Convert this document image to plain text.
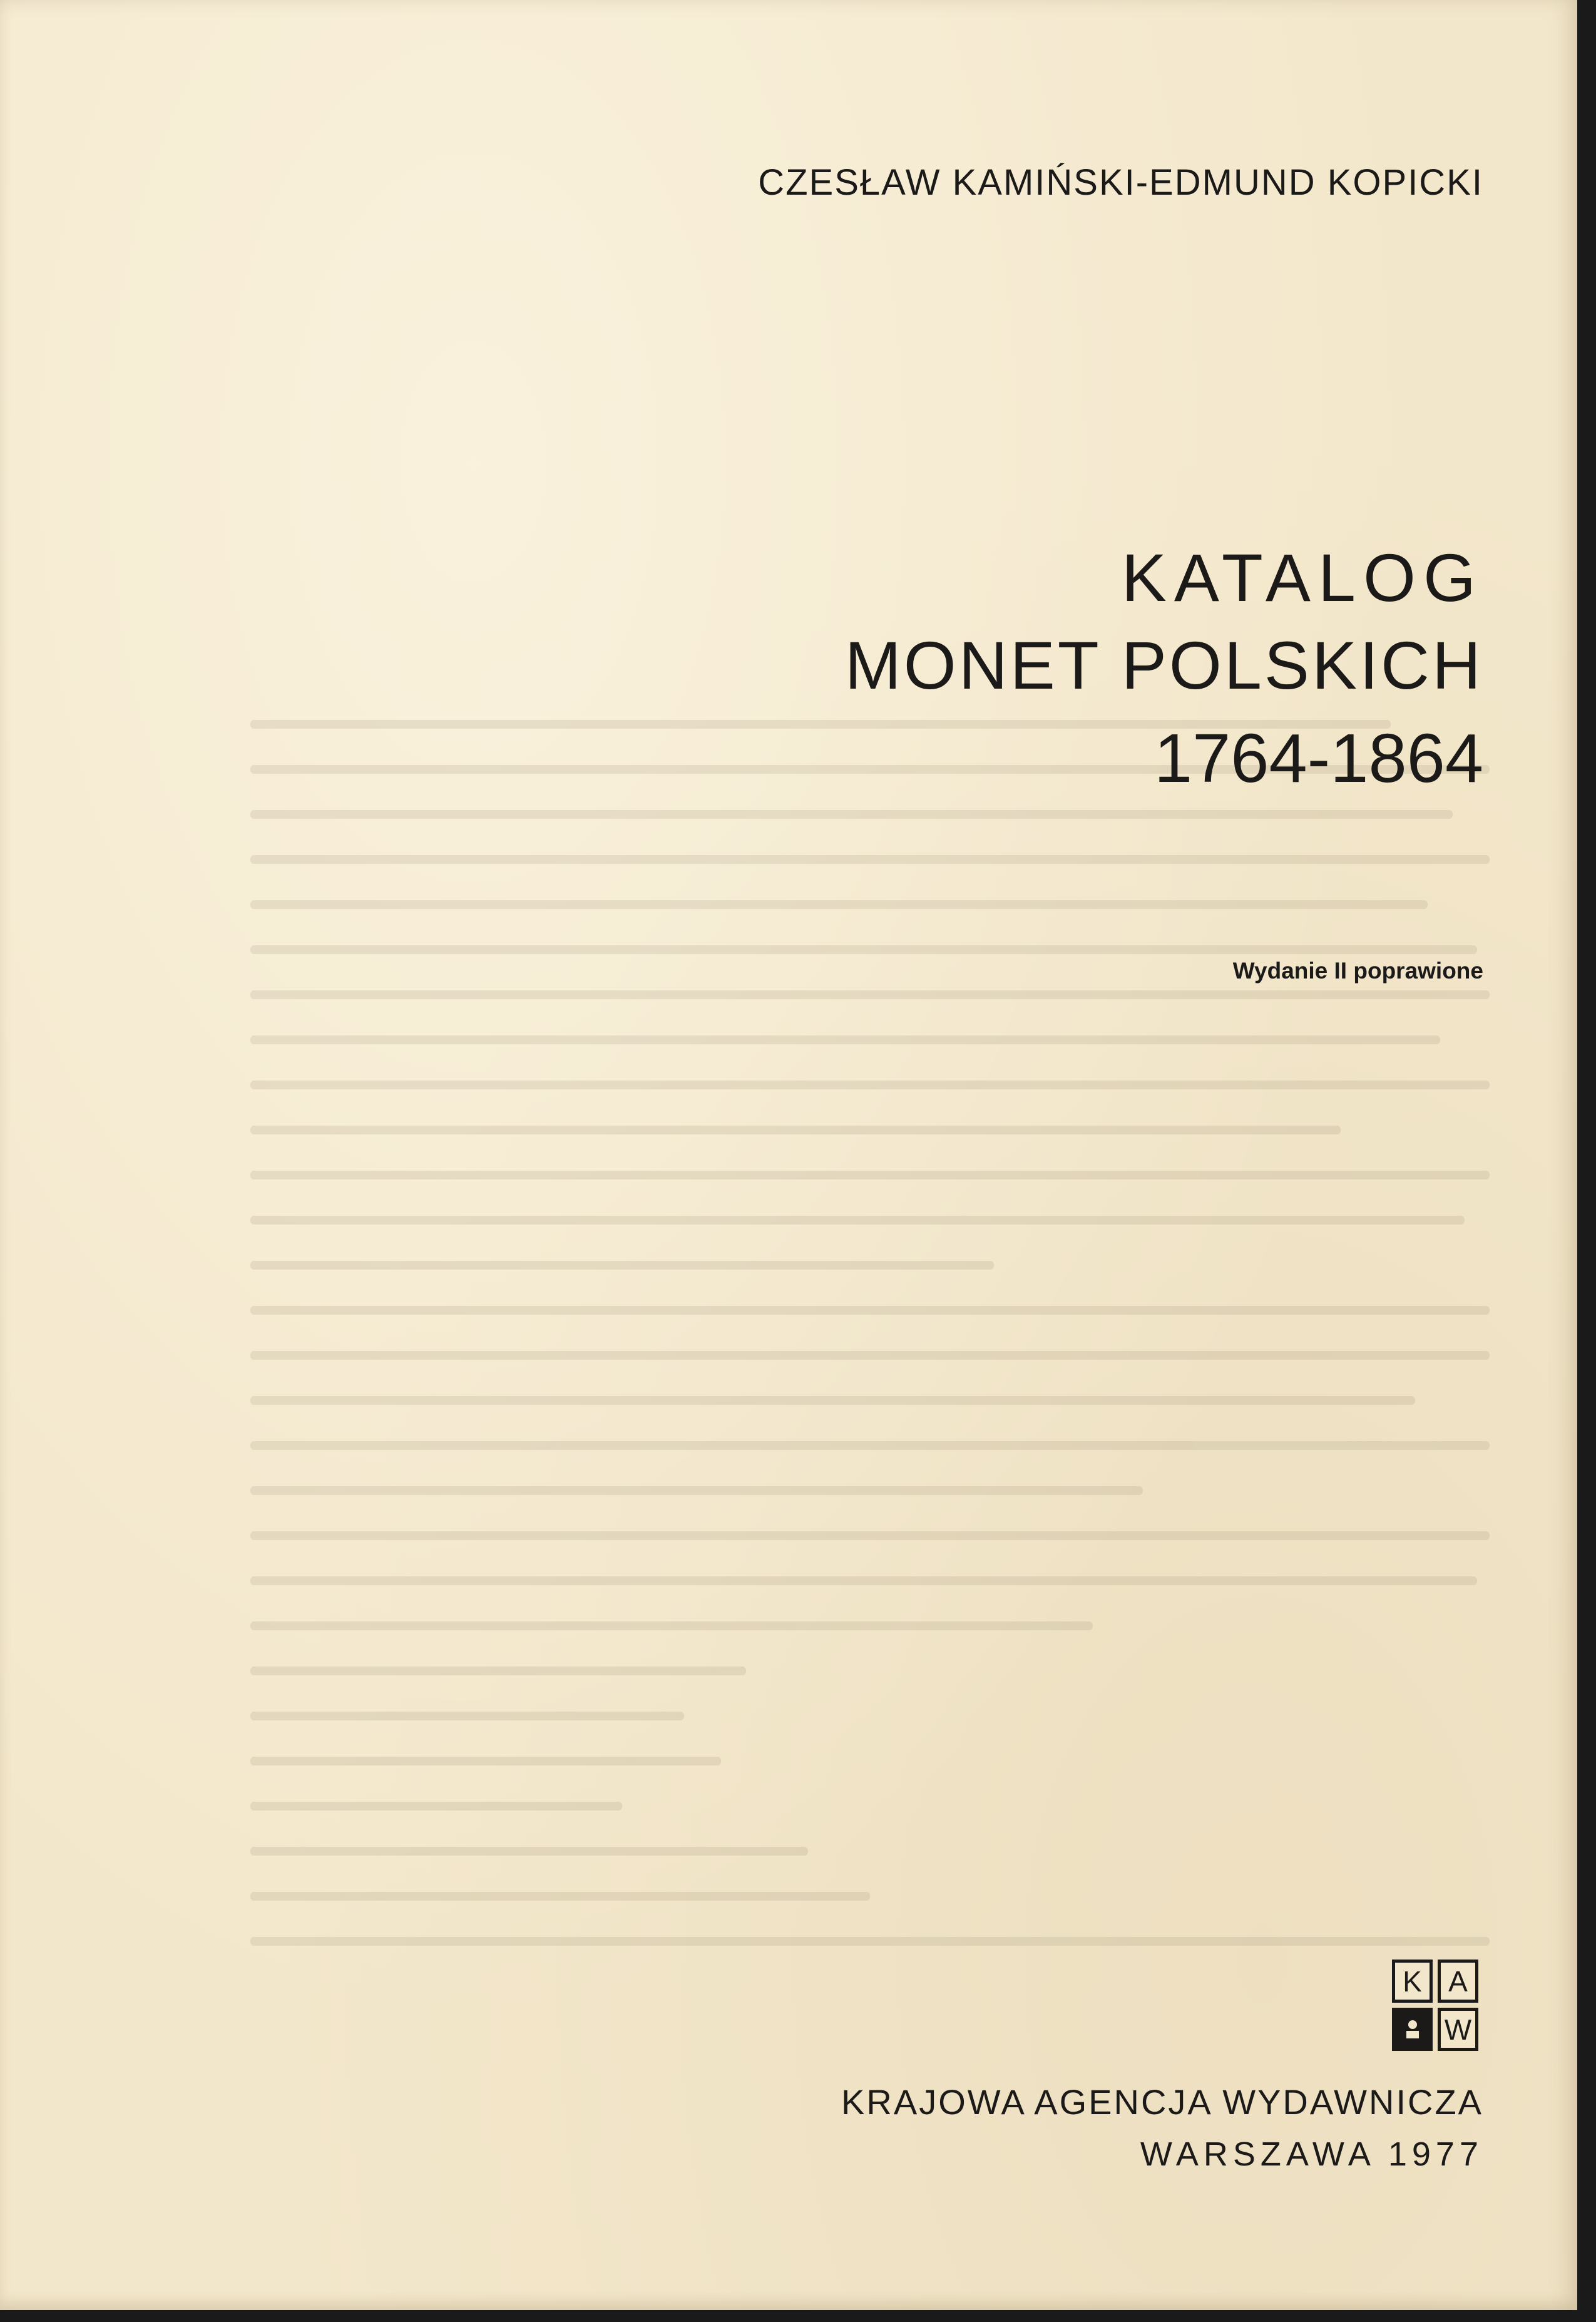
CZESŁAW KAMIŃSKI-EDMUND KOPICKI
KATALOG
MONET POLSKICH
1764-1864
Wydanie II poprawione
K A
W
KRAJOWA AGENCJA WYDAWNICZA
WARSZAWA 1977
